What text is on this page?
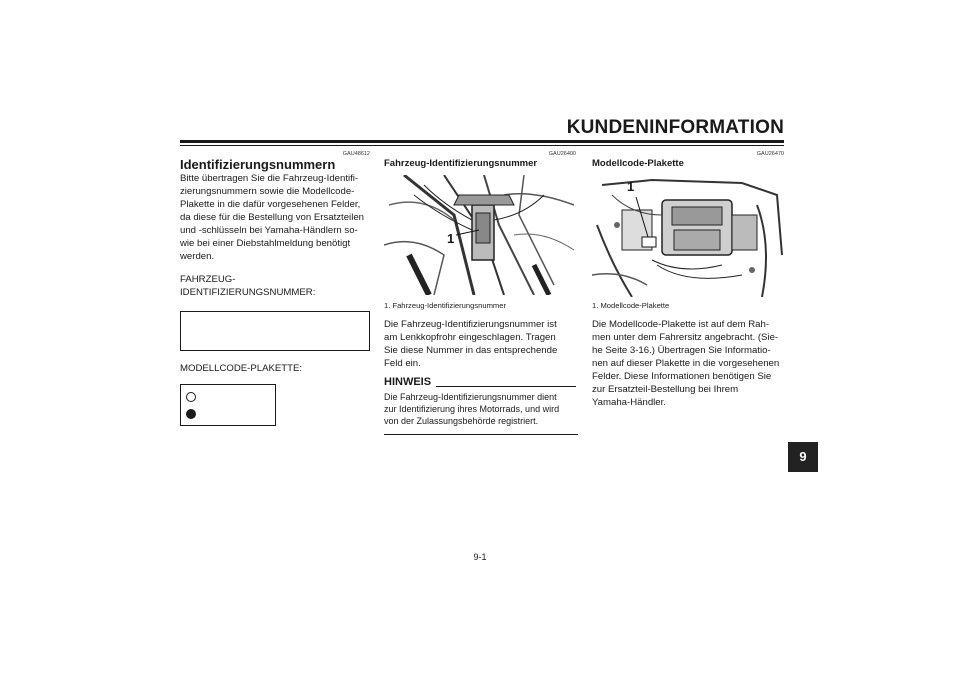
KUNDENINFORMATION
GAU48612
Identifizierungsnummern
Bitte übertragen Sie die Fahrzeug-Identifi-
zierungsnummern sowie die Modellcode-
Plakette in die dafür vorgesehenen Felder,
da diese für die Bestellung von Ersatzteilen
und -schlüsseln bei Yamaha-Händlern so-
wie bei einer Diebstahlmeldung benötigt
werden.
FAHRZEUG-
IDENTIFIZIERUNGSNUMMER:
MODELLCODE-PLAKETTE:
GAU26400
Fahrzeug-Identifizierungsnummer
1
1. Fahrzeug-Identifizierungsnummer
Die Fahrzeug-Identifizierungsnummer ist
am Lenkkopfrohr eingeschlagen. Tragen
Sie diese Nummer in das entsprechende
Feld ein.
HINWEIS
Die Fahrzeug-Identifizierungsnummer dient
zur Identifizierung ihres Motorrads, und wird
von der Zulassungsbehörde registriert.
GAU26470
Modellcode-Plakette
1
1. Modellcode-Plakette
Die Modellcode-Plakette ist auf dem Rah-
men unter dem Fahrersitz angebracht. (Sie-
he Seite 3-16.) Übertragen Sie Informatio-
nen auf dieser Plakette in die vorgesehenen
Felder. Diese Informationen benötigen Sie
zur Ersatzteil-Bestellung bei Ihrem
Yamaha-Händler.
9
9-1
